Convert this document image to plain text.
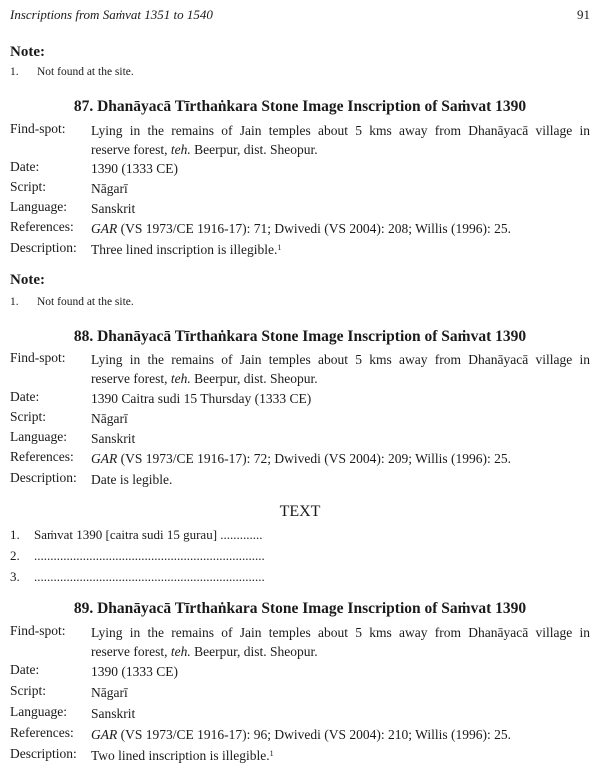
Inscriptions from Saṁvat 1351 to 1540	91
Note:
1. Not found at the site.
87. Dhanāyacā Tīrthaṅkara Stone Image Inscription of Saṁvat 1390
Find-spot: Lying in the remains of Jain temples about 5 kms away from Dhanāyacā village in
reserve forest, teh. Beerpur, dist. Sheopur.
Date:	1390 (1333 CE)
Script:	Nāgarī
Language: Sanskrit
References: GAR (VS 1973/CE 1916-17): 71; Dwivedi (VS 2004): 208; Willis (1996): 25.
Description: Three lined inscription is illegible.$^1$
Note:
1. Not found at the site.
88. Dhanāyacā Tīrthaṅkara Stone Image Inscription of Saṁvat 1390
Find-spot: Lying in the remains of Jain temples about 5 kms away from Dhanāyacā village in
reserve forest, teh. Beerpur, dist. Sheopur.
Date:	1390 Caitra sudi 15 Thursday (1333 CE)
Script:	Nāgarī
Language: Sanskrit
References: GAR (VS 1973/CE 1916-17): 72; Dwivedi (VS 2004): 209; Willis (1996): 25.
Description: Date is legible.
TEXT
1. Saṁvat 1390 [caitra sudi 15 gurau] .............
2. .......................................................................
3. .......................................................................
89. Dhanāyacā Tīrthaṅkara Stone Image Inscription of Saṁvat 1390
Find-spot: Lying in the remains of Jain temples about 5 kms away from Dhanāyacā village in
reserve forest, teh. Beerpur, dist. Sheopur.
Date:	1390 (1333 CE)
Script:	Nāgarī
Language: Sanskrit
References: GAR (VS 1973/CE 1916-17): 96; Dwivedi (VS 2004): 210; Willis (1996): 25.
Description: Two lined inscription is illegible.$^1$
